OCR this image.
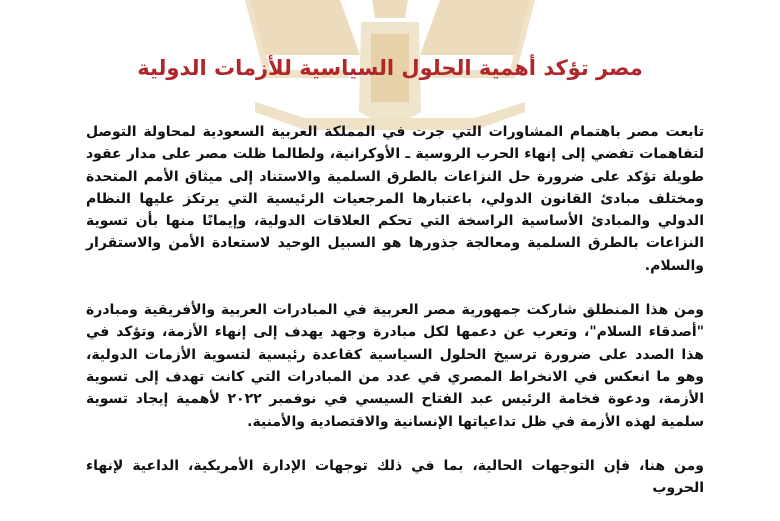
مصر تؤكد أهمية الحلول السياسية للأزمات الدولية

تابعت مصر باهتمام المشاورات التي جرت في المملكة العربية السعودية لمحاولة التوصل لتفاهمات تفضي إلى إنهاء الحرب الروسية ـ الأوكرانية، ولطالما ظلت مصر على مدار عقود طويلة تؤكد على ضرورة حل النزاعات بالطرق السلمية والاستناد إلى ميثاق الأمم المتحدة ومختلف مبادئ القانون الدولي، باعتبارها المرجعيات الرئيسية التي يرتكز عليها النظام الدولي والمبادئ الأساسية الراسخة التي تحكم العلاقات الدولية، وإيمانًا منها بأن تسوية النزاعات بالطرق السلمية ومعالجة جذورها هو السبيل الوحيد لاستعادة الأمن والاستقرار والسلام.

ومن هذا المنطلق شاركت جمهورية مصر العربية في المبادرات العربية والأفريقية ومبادرة "أصدقاء السلام"، وتعرب عن دعمها لكل مبادرة وجهد يهدف إلى إنهاء الأزمة، وتؤكد في هذا الصدد على ضرورة ترسيخ الحلول السياسية كقاعدة رئيسية لتسوية الأزمات الدولية، وهو ما انعكس في الانخراط المصري في عدد من المبادرات التي كانت تهدف إلى تسوية الأزمة، ودعوة فخامة الرئيس عبد الفتاح السيسي في نوفمبر ٢٠٢٢ لأهمية إيجاد تسوية سلمية لهذه الأزمة في ظل تداعياتها الإنسانية والاقتصادية والأمنية.

ومن هنا، فإن التوجهات الحالية، بما في ذلك توجهات الإدارة الأمريكية، الداعية لإنهاء الحروب
